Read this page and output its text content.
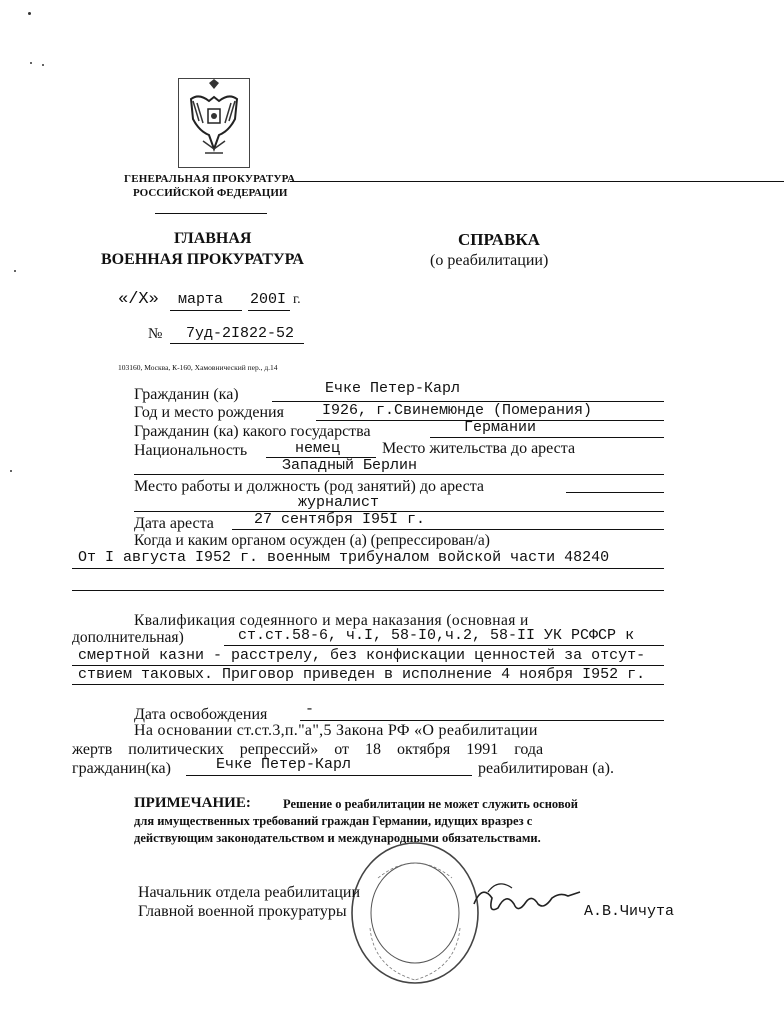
ГЕНЕРАЛЬНАЯ ПРОКУРАТУРА
РОССИЙСКОЙ ФЕДЕРАЦИИ
ГЛАВНАЯ
ВОЕННАЯ ПРОКУРАТУРА
СПРАВКА
(о реабилитации)
«/Х» марта 200I г.
№ 7уд-2I822-52
103160, Москва, К-160, Хамовнический пер., д.14
Гражданин (ка)	Ечке Петер-Карл
Год и место рождения	I926, г.Свинемюнде (Померания)
Гражданин (ка) какого государства	Германии
Национальность	немец	Место жительства до ареста
Западный Берлин
Место работы и должность (род занятий) до ареста
журналист
Дата ареста	27 сентября I95I г.
Когда и каким органом осужден (а) (репрессирован/а)
От I августа I952 г. военным трибуналом войской части 48240
Квалификация содеянного и мера наказания (основная и
дополнительная)	ст.ст.58-6, ч.I, 58-I0,ч.2, 58-II УК РСФСР к
смертной казни - расстрелу, без конфискации ценностей за отсут-
ствием таковых. Приговор приведен в исполнение 4 ноября I952 г.
Дата освобождения	-
На основании ст.ст.3,п."а",5 Закона РФ «О реабилитации
жертв политических репрессий» от 18 октября 1991 года
гражданин(ка)	Ечке Петер-Карл	реабилитирован (а).
ПРИМЕЧАНИЕ:	Решение о реабилитации не может служить основой
для имущественных требований граждан Германии, идущих вразрез с
действующим законодательством и международными обязательствами.
Начальник отдела реабилитации
Главной военной прокуратуры	А.В.Чичута
